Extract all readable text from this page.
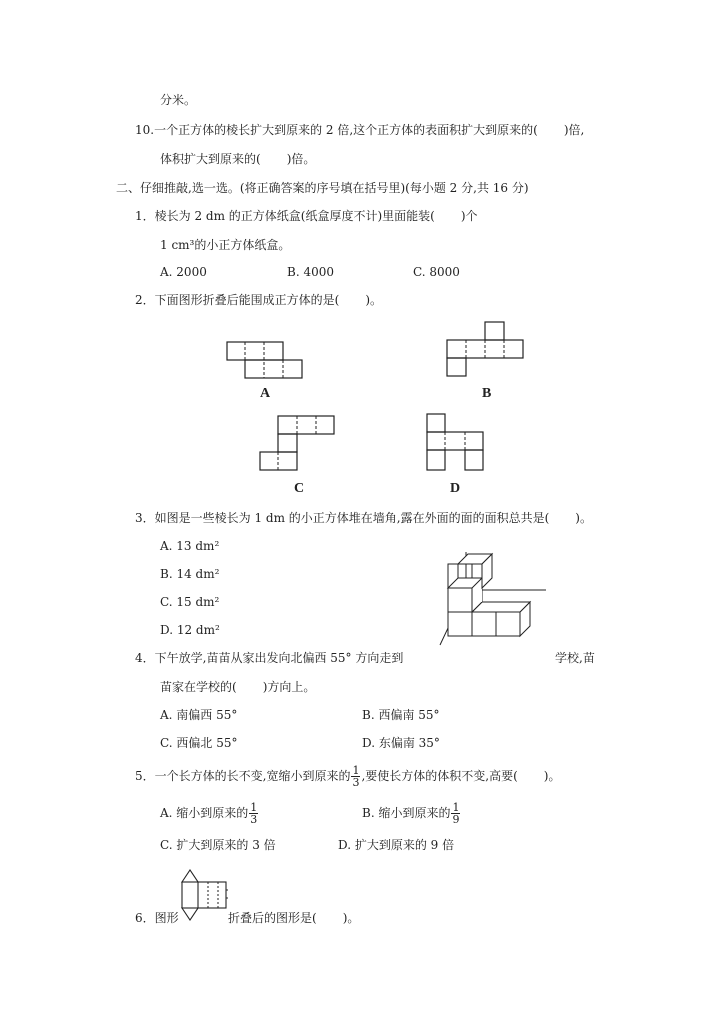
分米。
10.一个正方体的棱长扩大到原来的 2 倍,这个正方体的表面积扩大到原来的( )倍,
体积扩大到原来的( )倍。
二、仔细推敲,选一选。(将正确答案的序号填在括号里)(每小题 2 分,共 16 分)
1．棱长为 2 dm 的正方体纸盒(纸盒厚度不计)里面能装( )个
1 cm³的小正方体纸盒。
A. 2000	B. 4000	C. 8000
2．下面图形折叠后能围成正方体的是( )。
A	B
C	D
3．如图是一些棱长为 1 dm 的小正方体堆在墙角,露在外面的面的面积总共是( )。
A. 13 dm²
B. 14 dm²
C. 15 dm²
D. 12 dm²
4．下午放学,苗苗从家出发向北偏西 55° 方向走到	学校,苗
苗家在学校的( )方向上。
A. 南偏西 55°	B. 西偏南 55°
C. 西偏北 55°	D. 东偏南 35°
5．一个长方体的长不变,宽缩小到原来的 $\frac{1}{3}$ ,要使长方体的体积不变,高要( )。
A. 缩小到原来的 $\frac{1}{3}$	B. 缩小到原来的 $\frac{1}{9}$
C. 扩大到原来的 3 倍	D. 扩大到原来的 9 倍
6．图形	折叠后的图形是( )。
